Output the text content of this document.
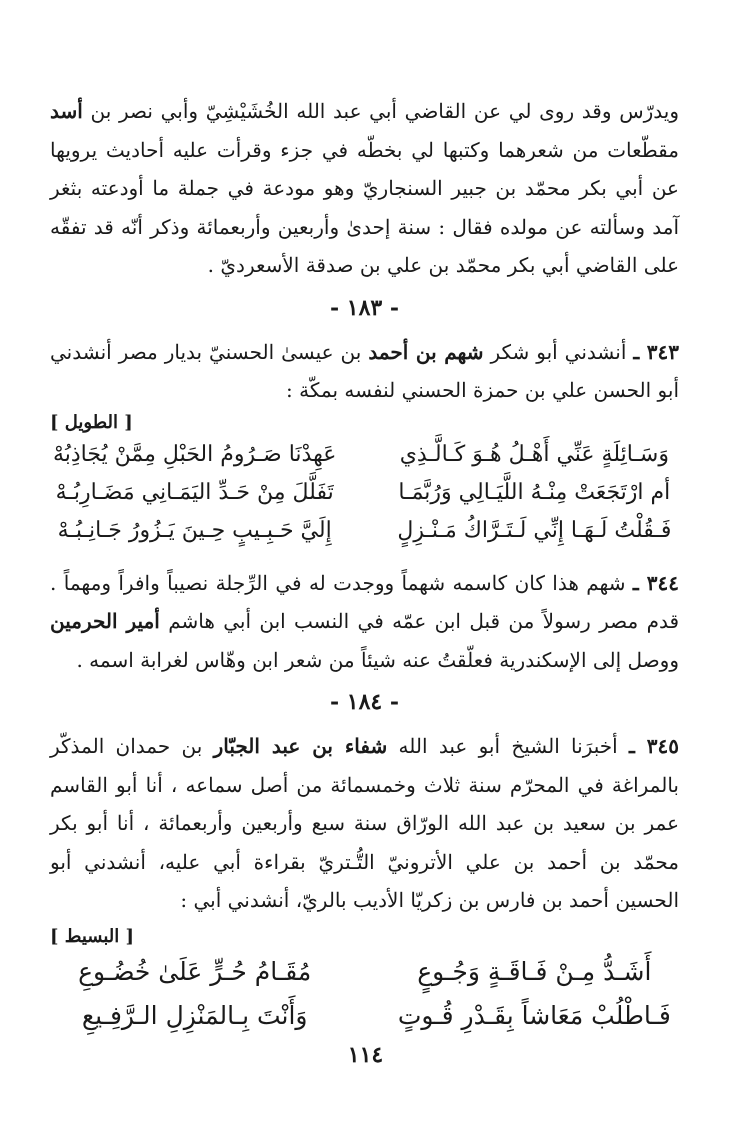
ويدرّس وقد روى لي عن القاضي أبي عبد الله الخُشَيْشِيّ وأبي نصر بن أسد مقطّعات من شعرهما وكتبها لي بخطّه في جزء وقرأت عليه أحاديث يرويها عن أبي بكر محمّد بن جبير السنجاريّ وهو مودعة في جملة ما أودعته بثغر آمد وسألته عن مولده فقال : سنة إحدىٰ وأربعين وأربعمائة وذكر أنّه قد تفقّه على القاضي أبي بكر محمّد بن علي بن صدقة الأسعرديّ .

- ١٨٣ -

٣٤٣ ـ أنشدني أبو شكر شهم بن أحمد بن عيسىٰ الحسنيّ بديار مصر أنشدني أبو الحسن علي بن حمزة الحسني لنفسه بمكّة :

[ الطويل ]
وَسَـائِلَةٍ عَنِّي أَهْـلُ هُـوَ كَـالَّـذِي
عَهِدْنَا صَـرُومُ الحَبْلِ مِمَّنْ يُجَاذِبُهْ
أم ارْتَجَعَتْ مِنْـهُ اللَّيَـالِي وَرُبَّمَـا
تَفَلَّلَ مِنْ حَـدِّ اليَمَـانِي مَضَـارِبُـهْ
فَـقُلْتُ لَـهَـا إِنِّي لَـتَـرَّاكُ مَـنْـزِلٍ
إِلَيَّ حَـبِـيبٍ حِـينَ يَـزُورُ جَـانِـبُـهْ

٣٤٤ ـ شهم هذا كان كاسمه شهماً ووجدت له في الرِّجلة نصيباً وافراً ومهماً . قدم مصر رسولاً من قبل ابن عمّه في النسب ابن أبي هاشم أمير الحرمين ووصل إلى الإسكندرية فعلّقتُ عنه شيئاً من شعر ابن وهّاس لغرابة اسمه .

- ١٨٤ -

٣٤٥ ـ أخبرَنا الشيخ أبو عبد الله شفاء بن عبد الجبّار بن حمدان المذكّر بالمراغة في المحرّم سنة ثلاث وخمسمائة من أصل سماعه ، أنا أبو القاسم عمر بن سعيد بن عبد الله الورّاق سنة سبع وأربعين وأربعمائة ، أنا أبو بكر محمّد بن أحمد بن علي الأترونيّ التُّـتريّ بقراءة أبي عليه، أنشدني أبو الحسين أحمد بن فارس بن زكريّا الأديب بالريّ، أنشدني أبي :

[ البسيط ]
أَشَـدُّ مِـنْ فَـاقَـةٍ وَجُـوعٍ
مُقَـامُ حُـرٍّ عَلَىٰ خُضُـوعِ
فَـاطْلُبْ مَعَاشاً بِقَـدْرِ قُـوتٍ
وَأَنْتَ بِـالمَنْزِلِ الـرَّفِـيعِ
١١٤
